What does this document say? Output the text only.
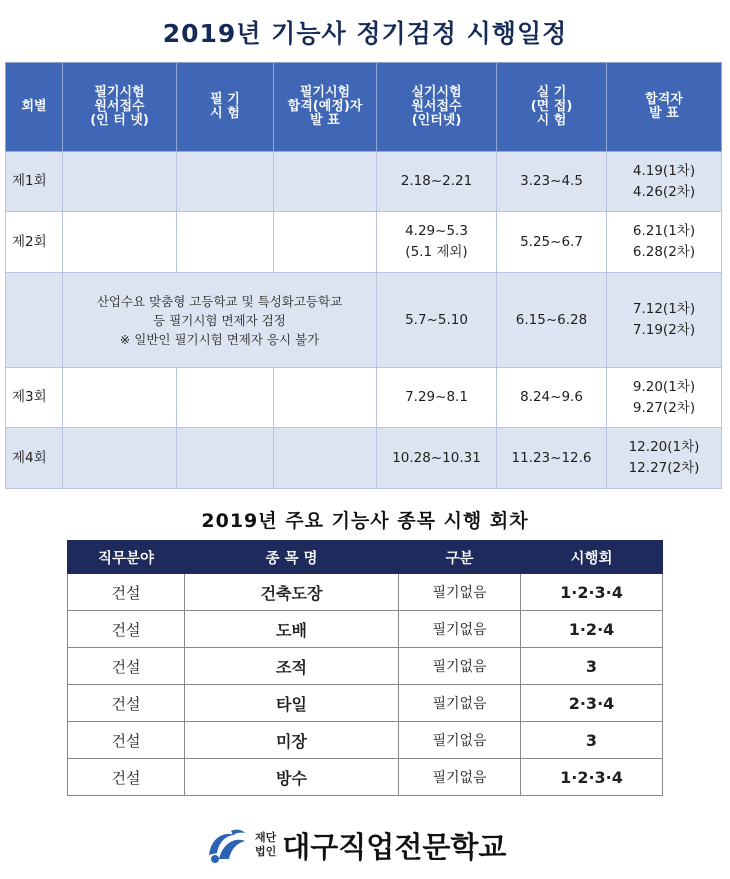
2019년 기능사 정기검정 시행일정
회별	필기시험
원서접수
(인 터 넷)	필 기
시 험	필기시험
합격(예정)자
발 표	실기시험
원서접수
(인터넷)	실 기
(면 접)
시 험	합격자
발 표
제1회				2.18~2.21	3.23~4.5	4.19(1차)
4.26(2차)
제2회				4.29~5.3
(5.1 제외)	5.25~6.7	6.21(1차)
6.28(2차)
	산업수요 맞춤형 고등학교 및 특성화고등학교
등 필기시험 면제자 검정
※ 일반인 필기시험 면제자 응시 불가			5.7~5.10	6.15~6.28	7.12(1차)
7.19(2차)
제3회				7.29~8.1	8.24~9.6	9.20(1차)
9.27(2차)
제4회				10.28~10.31	11.23~12.6	12.20(1차)
12.27(2차)
2019년 주요 기능사 종목 시행 회차
직무분야	종 목 명	구분	시행회
건설	건축도장	필기없음	1·2·3·4
건설	도배	필기없음	1·2·4
건설	조적	필기없음	3
건설	타일	필기없음	2·3·4
건설	미장	필기없음	3
건설	방수	필기없음	1·2·3·4
재단
법인 대구직업전문학교
